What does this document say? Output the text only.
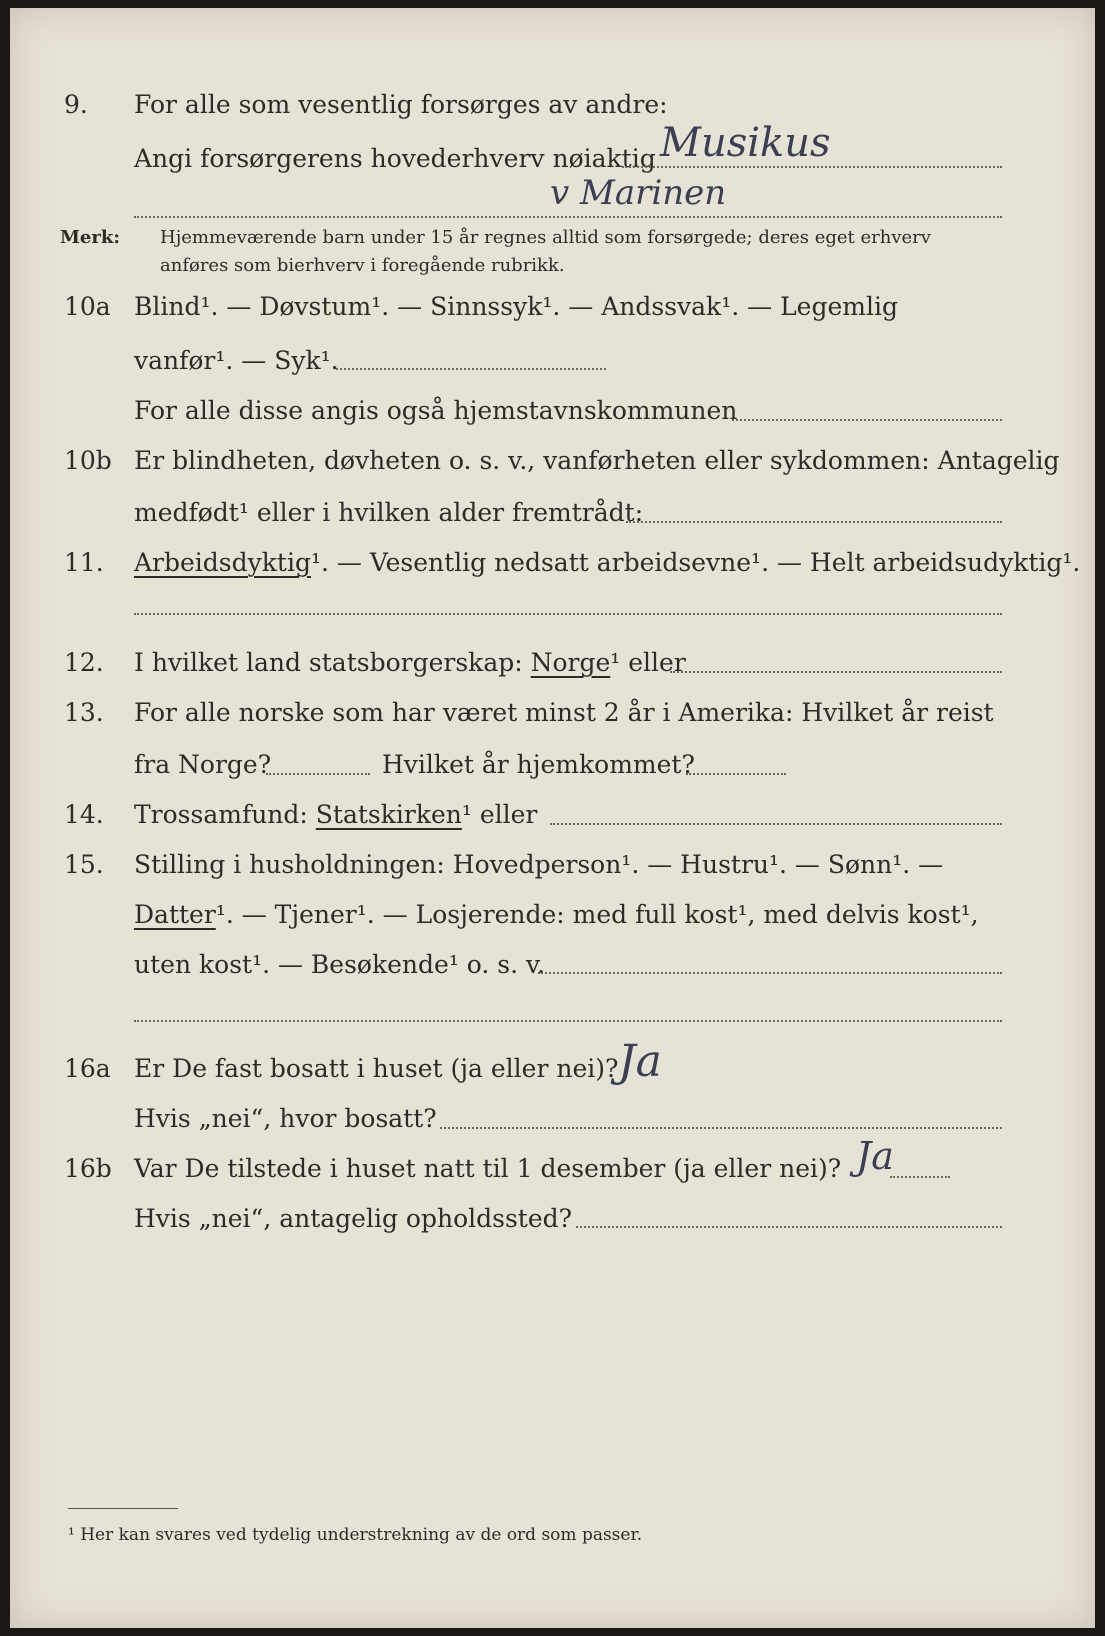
9.	For alle som vesentlig forsørges av andre:
Angi forsørgerens hovederhverv nøiaktig Musikus
v Marinen
Merk: Hjemmeværende barn under 15 år regnes alltid som forsørgede; deres eget erhverv
anføres som bierhverv i foregående rubrikk.
10a Blind¹. — Døvstum¹. — Sinnssyk¹. — Andssvak¹. — Legemlig
vanfør¹. — Syk¹.
For alle disse angis også hjemstavnskommunen
10b Er blindheten, døvheten o. s. v., vanførheten eller sykdommen: Antagelig
medfødt¹ eller i hvilken alder fremtrådt:
11.	Arbeidsdyktig¹. — Vesentlig nedsatt arbeidsevne¹. — Helt arbeidsudyktig¹.
12.	I hvilket land statsborgerskap: Norge¹ eller
13.	For alle norske som har været minst 2 år i Amerika: Hvilket år reist
fra Norge?	Hvilket år hjemkommet?
14.	Trossamfund: Statskirken¹ eller
15.	Stilling i husholdningen: Hovedperson¹. — Hustru¹. — Sønn¹. —
Datter¹. — Tjener¹. — Losjerende: med full kost¹, med delvis kost¹,
uten kost¹. — Besøkende¹ o. s. v.
16a Er De fast bosatt i huset (ja eller nei)? Ja
Hvis „nei“, hvor bosatt?
16b Var De tilstede i huset natt til 1 desember (ja eller nei)? Ja
Hvis „nei“, antagelig opholdssted?
¹ Her kan svares ved tydelig understrekning av de ord som passer.
